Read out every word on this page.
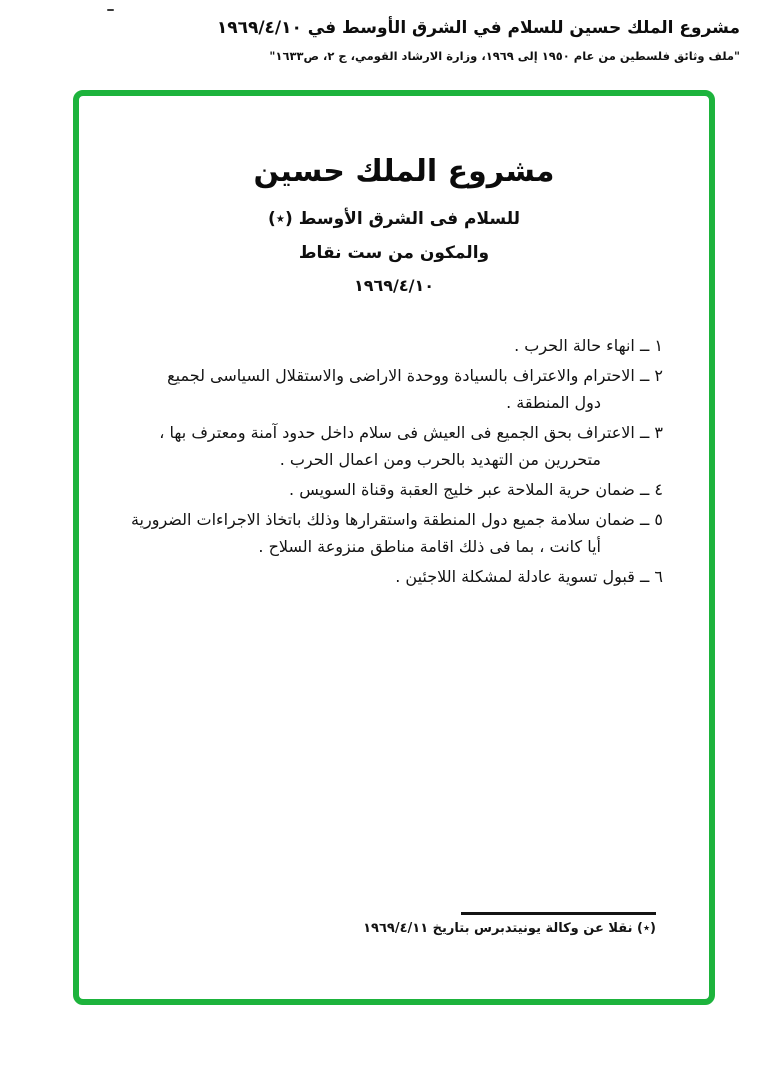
مشروع الملك حسين للسلام في الشرق الأوسط في ١٩٦٩/٤/١٠
"ملف وثائق فلسطين من عام ١٩٥٠ إلى ١٩٦٩، وزارة الارشاد القومي، ج ٢، ص١٦٣٣"
مشروع الملك حسين
للسلام فى الشرق الأوسط (٭)
والمكون من ست نقاط
١٩٦٩/٤/١٠
١ ــ انهاء حالة الحرب .
٢ ــ الاحترام والاعتراف بالسيادة ووحدة الاراضى والاستقلال السياسى لجميع
دول المنطقة .
٣ ــ الاعتراف بحق الجميع فى العيش فى سلام داخل حدود آمنة ومعترف بها ،
متحررين من التهديد بالحرب ومن اعمال الحرب .
٤ ــ ضمان حرية الملاحة عبر خليج العقبة وقناة السويس .
٥ ــ ضمان سلامة جميع دول المنطقة واستقرارها وذلك باتخاذ الاجراءات الضرورية
أيا كانت ، بما فى ذلك اقامة مناطق منزوعة السلاح .
٦ ــ قبول تسوية عادلة لمشكلة اللاجئين .
(٭) نقلا عن وكالة يونيتدبرس بتاريخ ١٩٦٩/٤/١١
